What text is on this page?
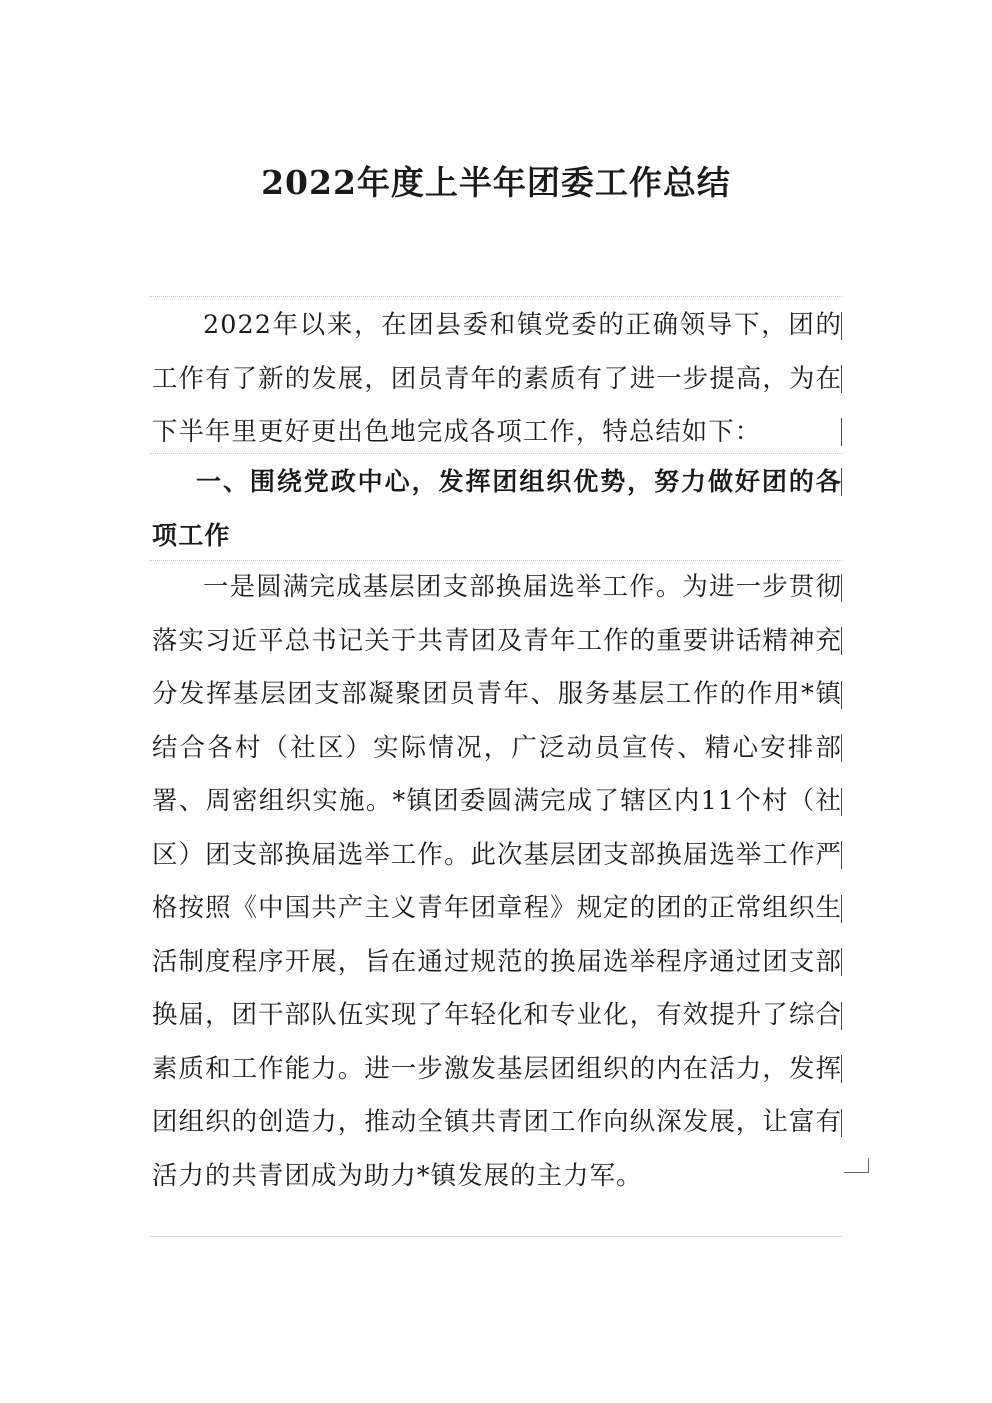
2022年度上半年团委工作总结

2022年以来，在团县委和镇党委的正确领导下，团的工作有了新的发展，团员青年的素质有了进一步提高，为在下半年里更好更出色地完成各项工作，特总结如下：

一、围绕党政中心，发挥团组织优势，努力做好团的各项工作

一是圆满完成基层团支部换届选举工作。为进一步贯彻落实习近平总书记关于共青团及青年工作的重要讲话精神充分发挥基层团支部凝聚团员青年、服务基层工作的作用*镇结合各村（社区）实际情况，广泛动员宣传、精心安排部署、周密组织实施。*镇团委圆满完成了辖区内11个村（社区）团支部换届选举工作。此次基层团支部换届选举工作严格按照《中国共产主义青年团章程》规定的团的正常组织生活制度程序开展，旨在通过规范的换届选举程序通过团支部换届，团干部队伍实现了年轻化和专业化，有效提升了综合素质和工作能力。进一步激发基层团组织的内在活力，发挥团组织的创造力，推动全镇共青团工作向纵深发展，让富有活力的共青团成为助力*镇发展的主力军。
